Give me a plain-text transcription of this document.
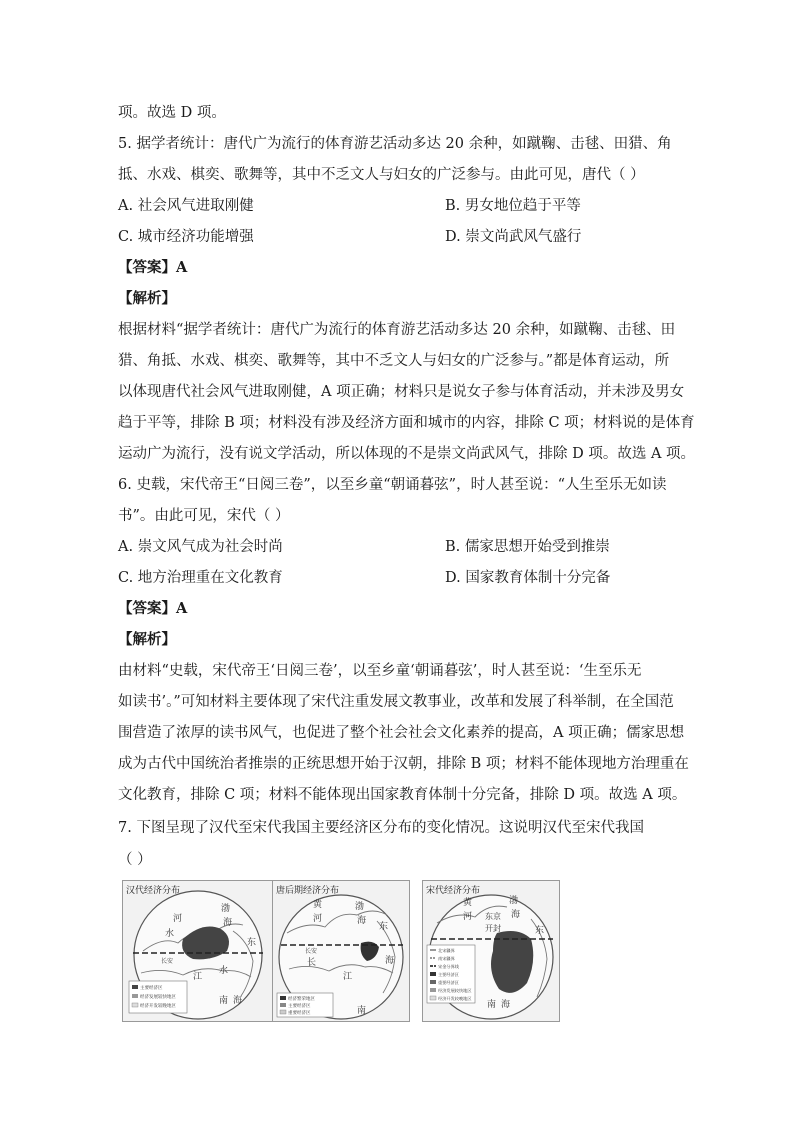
项。故选 D 项。
5. 据学者统计：唐代广为流行的体育游艺活动多达 20 余种，如蹴鞠、击毬、田猎、角
抵、水戏、棋奕、歌舞等，其中不乏文人与妇女的广泛参与。由此可见，唐代（ ）
A. 社会风气进取刚健	B. 男女地位趋于平等
C. 城市经济功能增强	D. 崇文尚武风气盛行
【答案】A
【解析】
根据材料“据学者统计：唐代广为流行的体育游艺活动多达 20 余种，如蹴鞠、击毬、田
猎、角抵、水戏、棋奕、歌舞等，其中不乏文人与妇女的广泛参与。”都是体育运动，所
以体现唐代社会风气进取刚健，A 项正确；材料只是说女子参与体育活动，并未涉及男女
趋于平等，排除 B 项；材料没有涉及经济方面和城市的内容，排除 C 项；材料说的是体育
运动广为流行，没有说文学活动，所以体现的不是崇文尚武风气，排除 D 项。故选 A 项。
6. 史载，宋代帝王“日阅三卷”，以至乡童“朝诵暮弦”，时人甚至说：“人生至乐无如读
书”。由此可见，宋代（ ）
A. 崇文风气成为社会时尚	B. 儒家思想开始受到推崇
C. 地方治理重在文化教育	D. 国家教育体制十分完备
【答案】A
【解析】
由材料“史载，宋代帝王‘日阅三卷’，以至乡童‘朝诵暮弦’，时人甚至说：‘生至乐无
如读书’。”可知材料主要体现了宋代注重发展文教事业，改革和发展了科举制，在全国范
围营造了浓厚的读书风气，也促进了整个社会社会文化素养的提高，A 项正确；儒家思想
成为古代中国统治者推崇的正统思想开始于汉朝，排除 B 项；材料不能体现地方治理重在
文化教育，排除 C 项；材料不能体现出国家教育体制十分完备，排除 D 项。故选 A 项。
7. 下图呈现了汉代至宋代我国主要经济区分布的变化情况。这说明汉代至宋代我国
（ ）
主要经济区
经济发展较快地区
经济开发较晚地区
河
水
长安
江
水
渤
海
东
南 海
汉代经济分布
经济繁荣地区
主要经济区
重要经济区
黄
河
长安
长
江
渤
海
东
海
南
唐后期经济分布
北宋疆界
南宋疆界
宋金分界线
主要经济区
重要经济区
经济发展较快地区
经济开发较晚地区
黄
河 东京
开封
渤
海
东
南 海
宋代经济分布
